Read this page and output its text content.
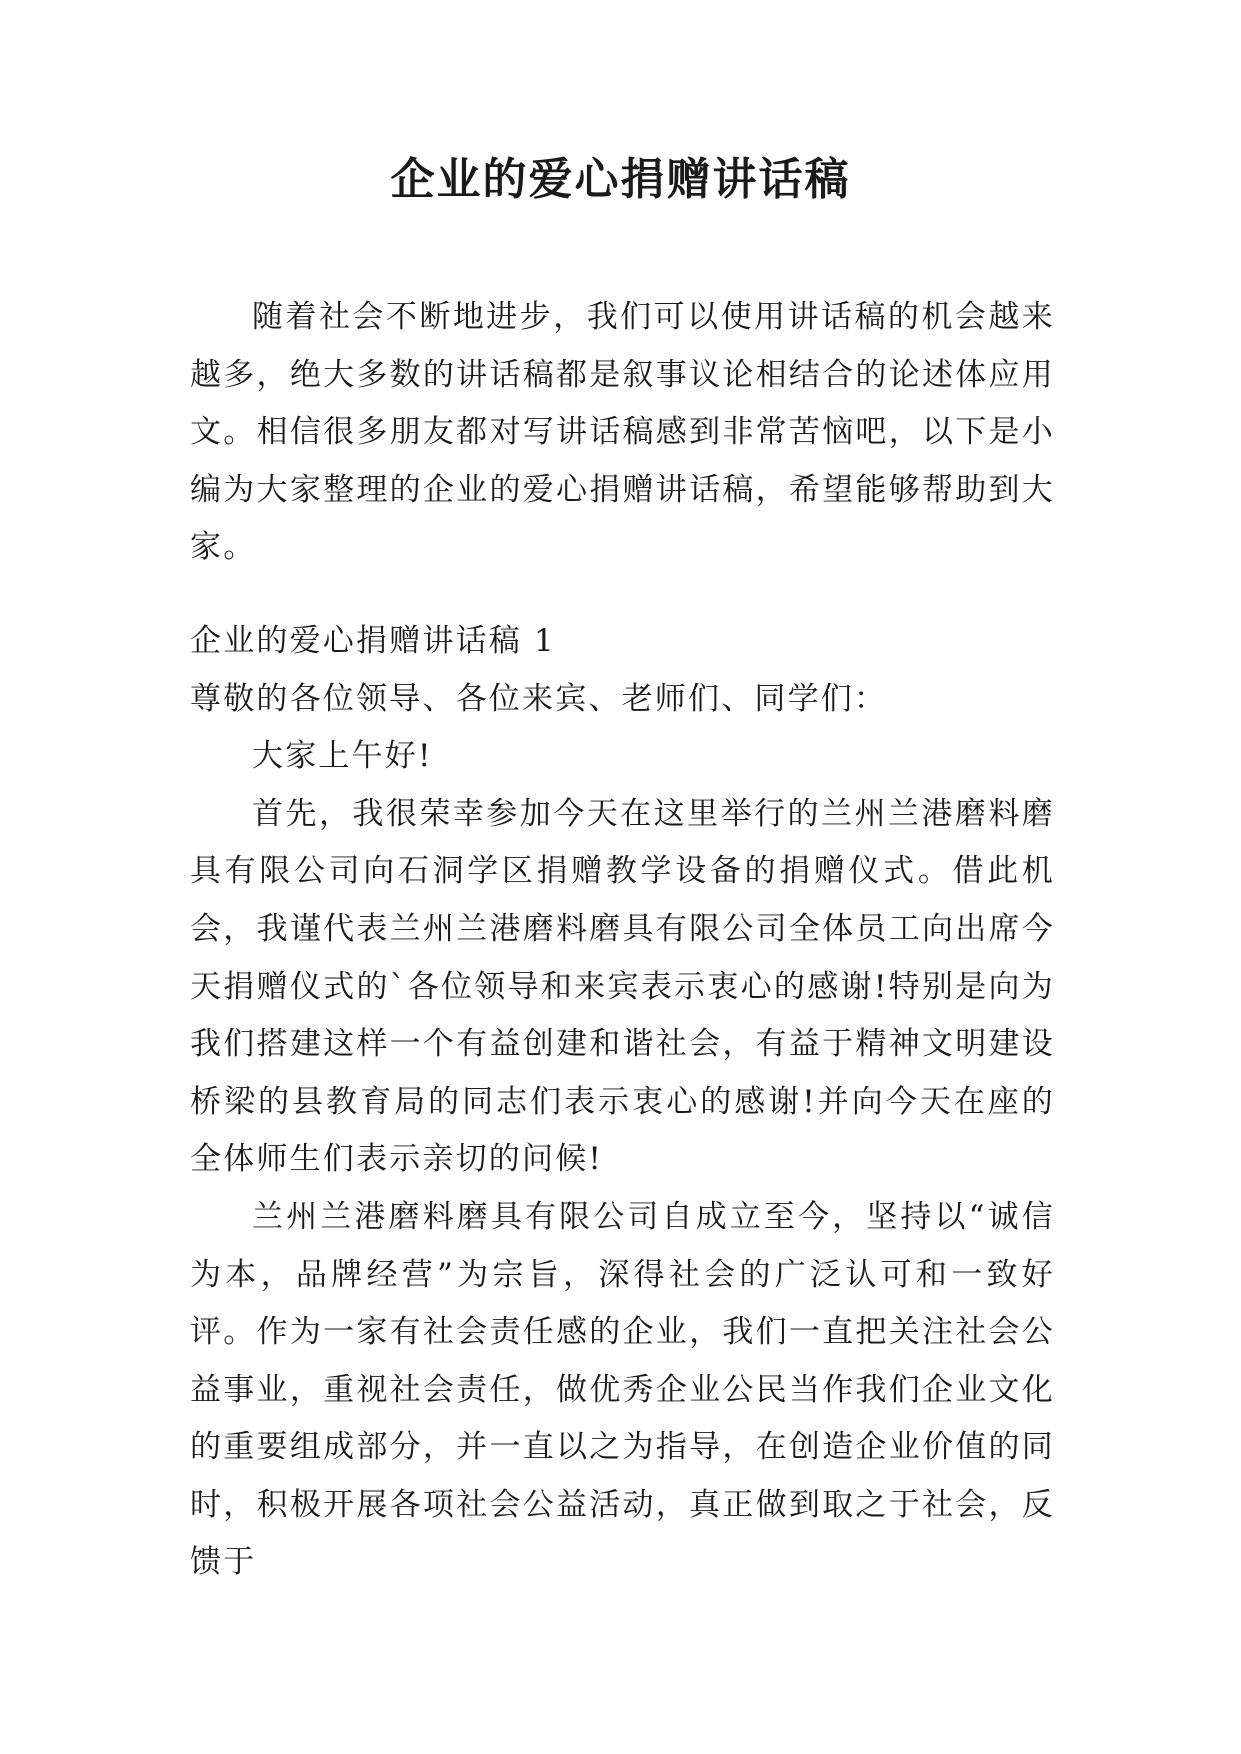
企业的爱心捐赠讲话稿

随着社会不断地进步，我们可以使用讲话稿的机会越来越多，绝大多数的讲话稿都是叙事议论相结合的论述体应用文。相信很多朋友都对写讲话稿感到非常苦恼吧，以下是小编为大家整理的企业的爱心捐赠讲话稿，希望能够帮助到大家。

企业的爱心捐赠讲话稿 1

尊敬的各位领导、各位来宾、老师们、同学们：

大家上午好!

首先，我很荣幸参加今天在这里举行的兰州兰港磨料磨具有限公司向石洞学区捐赠教学设备的捐赠仪式。借此机会，我谨代表兰州兰港磨料磨具有限公司全体员工向出席今天捐赠仪式的`各位领导和来宾表示衷心的感谢!特别是向为我们搭建这样一个有益创建和谐社会，有益于精神文明建设桥梁的县教育局的同志们表示衷心的感谢!并向今天在座的全体师生们表示亲切的问候!

兰州兰港磨料磨具有限公司自成立至今，坚持以“诚信为本，品牌经营”为宗旨，深得社会的广泛认可和一致好评。作为一家有社会责任感的企业，我们一直把关注社会公益事业，重视社会责任，做优秀企业公民当作我们企业文化的重要组成部分，并一直以之为指导，在创造企业价值的同时，积极开展各项社会公益活动，真正做到取之于社会，反馈于
